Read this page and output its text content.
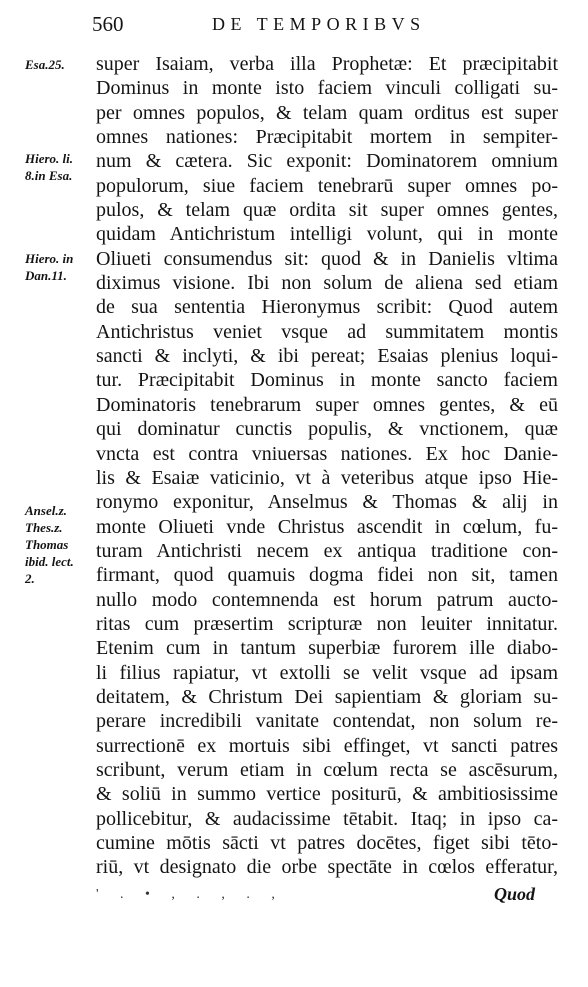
560	DE TEMPORIBVS
Esa.25.
Hiero. li.
8.in Esa.
Hiero. in
Dan.11.
Ansel.z.
Thes.z.
Thomas
ibid. lect.
2.
super Isaiam, verba illa Prophetæ: Et præcipitabit
Dominus in monte isto faciem vinculi colligati su-
per omnes populos, & telam quam orditus est super
omnes nationes: Præcipitabit mortem in sempiter-
num & cætera. Sic exponit: Dominatorem omnium
populorum, siue faciem tenebrarū super omnes po-
pulos, & telam quæ ordita sit super omnes gentes,
quidam Antichristum intelligi volunt, qui in monte
Oliueti consumendus sit: quod & in Danielis vltima
diximus visione. Ibi non solum de aliena sed etiam
de sua sententia Hieronymus scribit: Quod autem
Antichristus veniet vsque ad summitatem montis
sancti & inclyti, & ibi pereat; Esaias plenius loqui-
tur. Præcipitabit Dominus in monte sancto faciem
Dominatoris tenebrarum super omnes gentes, & eū
qui dominatur cunctis populis, & vnctionem, quæ
vncta est contra vniuersas nationes. Ex hoc Danie-
lis & Esaiæ vaticinio, vt à veteribus atque ipso Hie-
ronymo exponitur, Anselmus & Thomas & alij in
monte Oliueti vnde Christus ascendit in cœlum, fu-
turam Antichristi necem ex antiqua traditione con-
firmant, quod quamuis dogma fidei non sit, tamen
nullo modo contemnenda est horum patrum aucto-
ritas cum præsertim scripturæ non leuiter innitatur.
Etenim cum in tantum superbiæ furorem ille diabo-
li filius rapiatur, vt extolli se velit vsque ad ipsam
deitatem, & Christum Dei sapientiam & gloriam su-
perare incredibili vanitate contendat, non solum re-
surrectionē ex mortuis sibi effinget, vt sancti patres
scribunt, verum etiam in cœlum recta se ascēsurum,
& soliū in summo vertice positurū, & ambitiosissime
pollicebitur, & audacissime tētabit. Itaq; in ipso ca-
cumine mōtis sācti vt patres docētes, figet sibi tēto-
riū, vt designato die orbe spectāte in cœlos efferatur,
' . • , . , . ,	Quod
